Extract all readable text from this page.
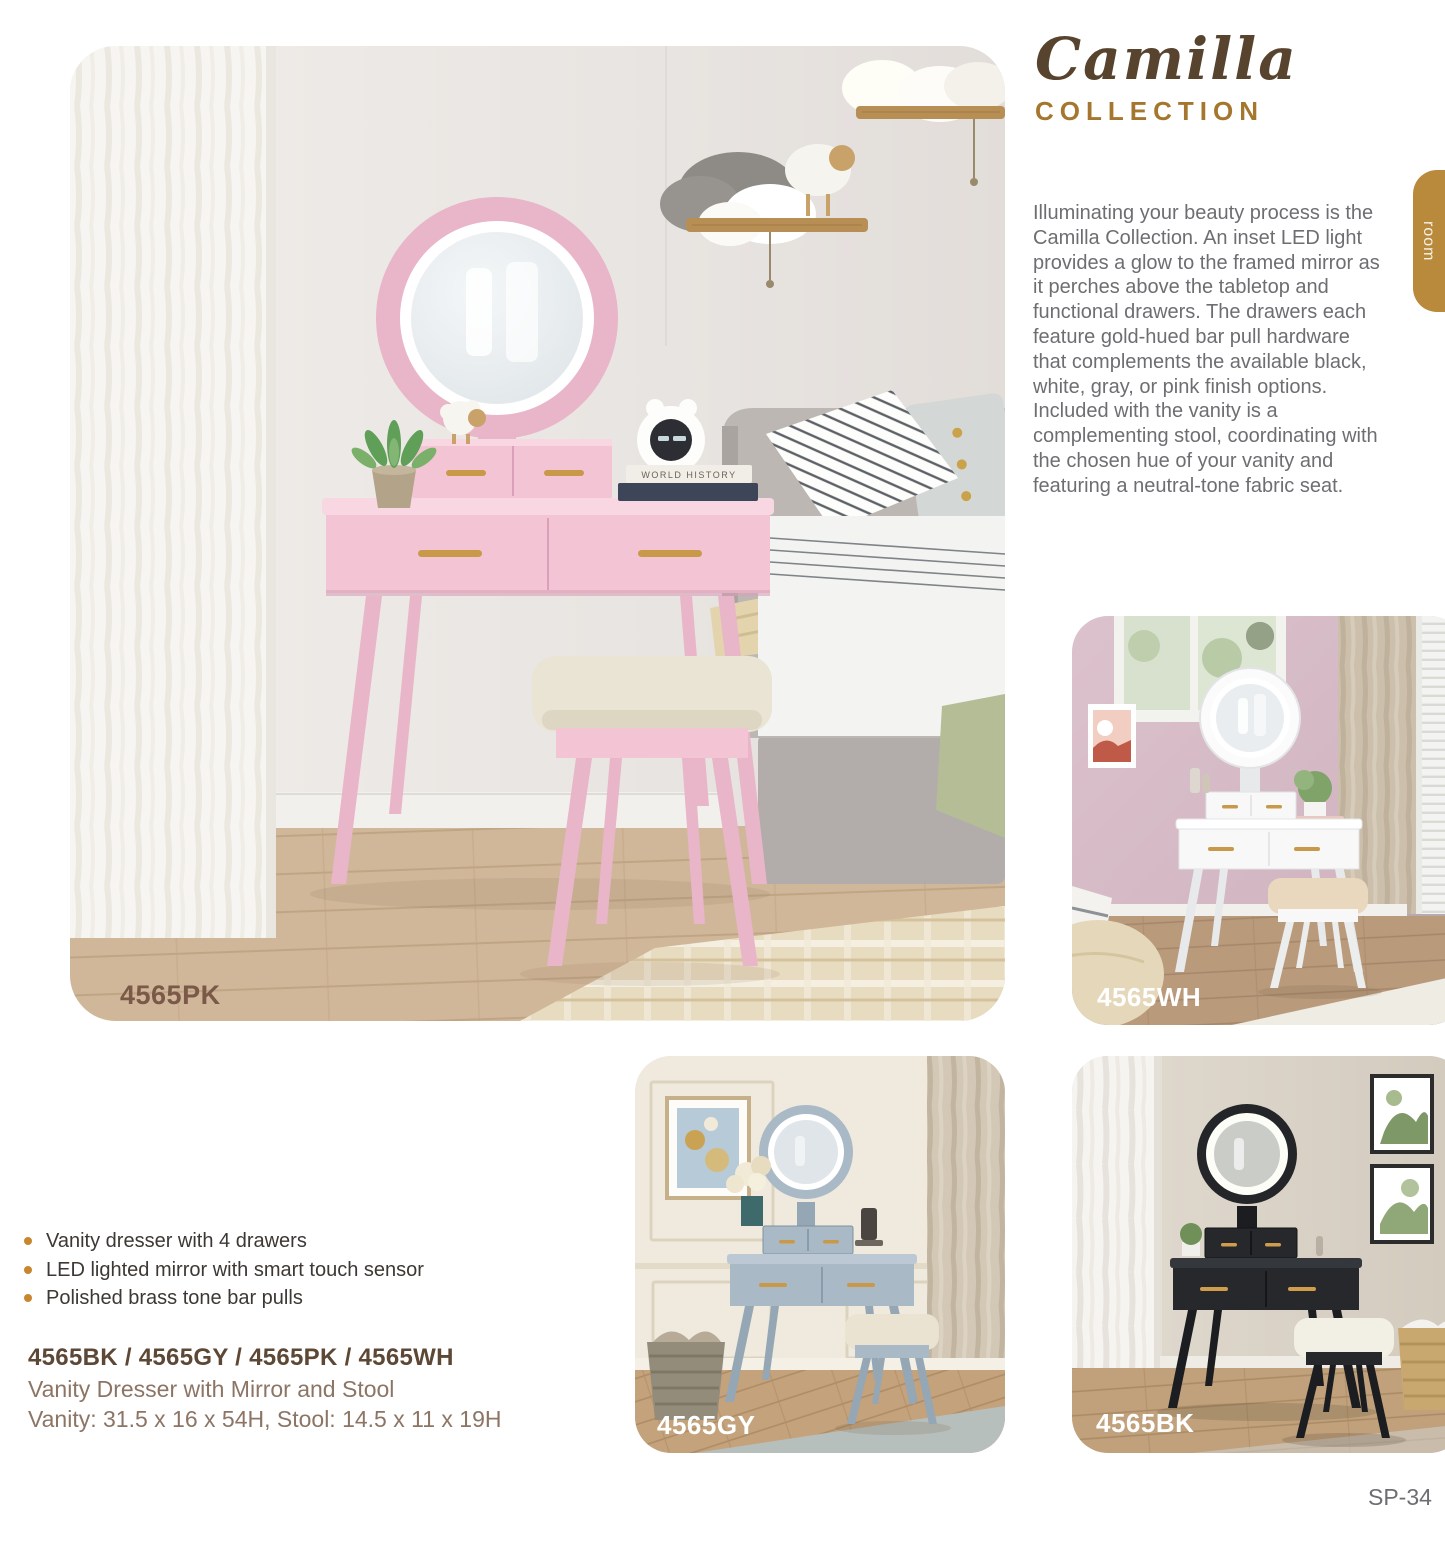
WORLD HISTORY
4565PK
Camilla
COLLECTION
room
Illuminating your beauty process is the Camilla Collection. An inset LED light provides a glow to the framed mirror as it perches above the tabletop and functional drawers. The drawers each feature gold-hued bar pull hardware that complements the available black, white, gray, or pink finish options. Included with the vanity is a complementing stool, coordinating with the chosen hue of your vanity and featuring a neutral-tone fabric seat.
4565WH
4565GY	4565BK
Vanity dresser with 4 drawers
LED lighted mirror with smart touch sensor
Polished brass tone bar pulls
4565BK / 4565GY / 4565PK / 4565WH
Vanity Dresser with Mirror and Stool
Vanity: 31.5 x 16 x 54H, Stool: 14.5 x 11 x 19H
SP-34
